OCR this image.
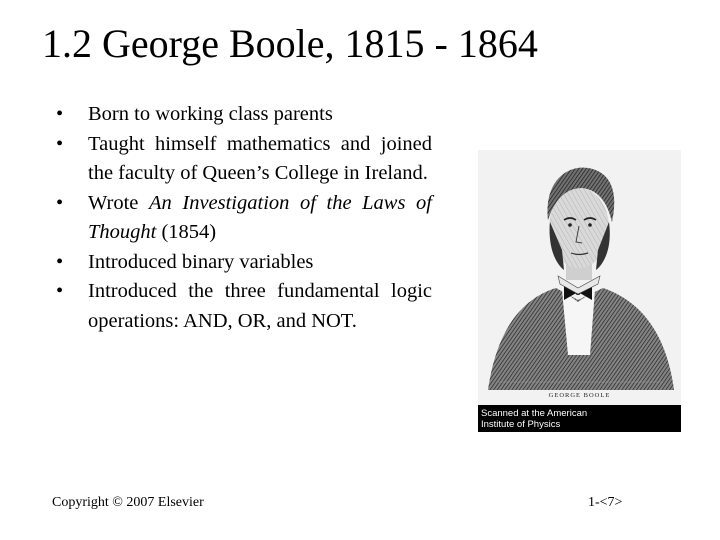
1.2 George Boole, 1815 - 1864
•	Born to working class parents
•	Taught himself mathematics and joined the faculty of Queen’s College in Ireland.
•	Wrote An Investigation of the Laws of Thought (1854)
•	Introduced binary variables
•	Introduced the three fundamental logic operations: AND, OR, and NOT.
GEORGE BOOLE
Scanned at the American
Institute of Physics
Copyright © 2007 Elsevier	1-<7>
